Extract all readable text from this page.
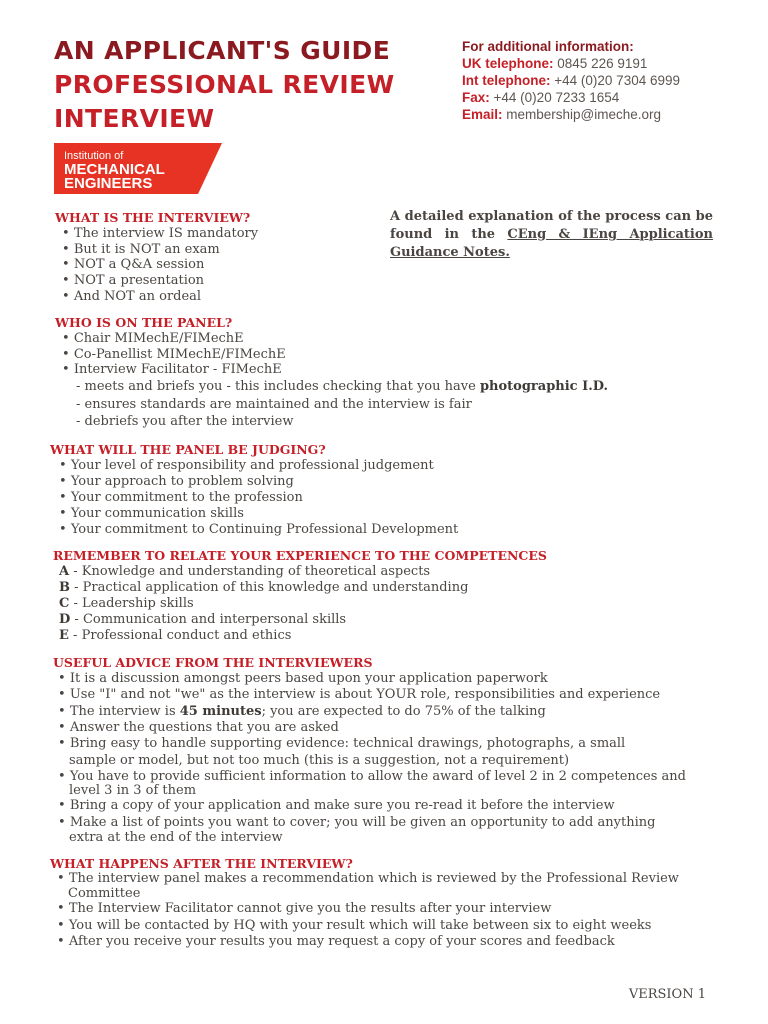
AN APPLICANT'S GUIDE
PROFESSIONAL REVIEW
INTERVIEW
For additional information:
UK telephone: 0845 226 9191
Int telephone: +44 (0)20 7304 6999
Fax: +44 (0)20 7233 1654
Email: membership@imeche.org
Institution of
MECHANICAL
ENGINEERS
A detailed explanation of the process can be found in the CEng & IEng Application Guidance Notes.
WHAT IS THE INTERVIEW?
• The interview IS mandatory
• But it is NOT an exam
• NOT a Q&A session
• NOT a presentation
• And NOT an ordeal
WHO IS ON THE PANEL?
• Chair MIMechE/FIMechE
• Co-Panellist MIMechE/FIMechE
• Interview Facilitator - FIMechE
- meets and briefs you - this includes checking that you have photographic I.D.
- ensures standards are maintained and the interview is fair
- debriefs you after the interview
WHAT WILL THE PANEL BE JUDGING?
• Your level of responsibility and professional judgement
• Your approach to problem solving
• Your commitment to the profession
• Your communication skills
• Your commitment to Continuing Professional Development
REMEMBER TO RELATE YOUR EXPERIENCE TO THE COMPETENCES
A - Knowledge and understanding of theoretical aspects
B - Practical application of this knowledge and understanding
C - Leadership skills
D - Communication and interpersonal skills
E - Professional conduct and ethics
USEFUL ADVICE FROM THE INTERVIEWERS
• It is a discussion amongst peers based upon your application paperwork
• Use "I" and not "we" as the interview is about YOUR role, responsibilities and experience
• The interview is 45 minutes; you are expected to do 75% of the talking
• Answer the questions that you are asked
• Bring easy to handle supporting evidence: technical drawings, photographs, a small
sample or model, but not too much (this is a suggestion, not a requirement)
• You have to provide sufficient information to allow the award of level 2 in 2 competences and
level 3 in 3 of them
• Bring a copy of your application and make sure you re-read it before the interview
• Make a list of points you want to cover; you will be given an opportunity to add anything
extra at the end of the interview
WHAT HAPPENS AFTER THE INTERVIEW?
• The interview panel makes a recommendation which is reviewed by the Professional Review
Committee
• The Interview Facilitator cannot give you the results after your interview
• You will be contacted by HQ with your result which will take between six to eight weeks
• After you receive your results you may request a copy of your scores and feedback
VERSION 1
